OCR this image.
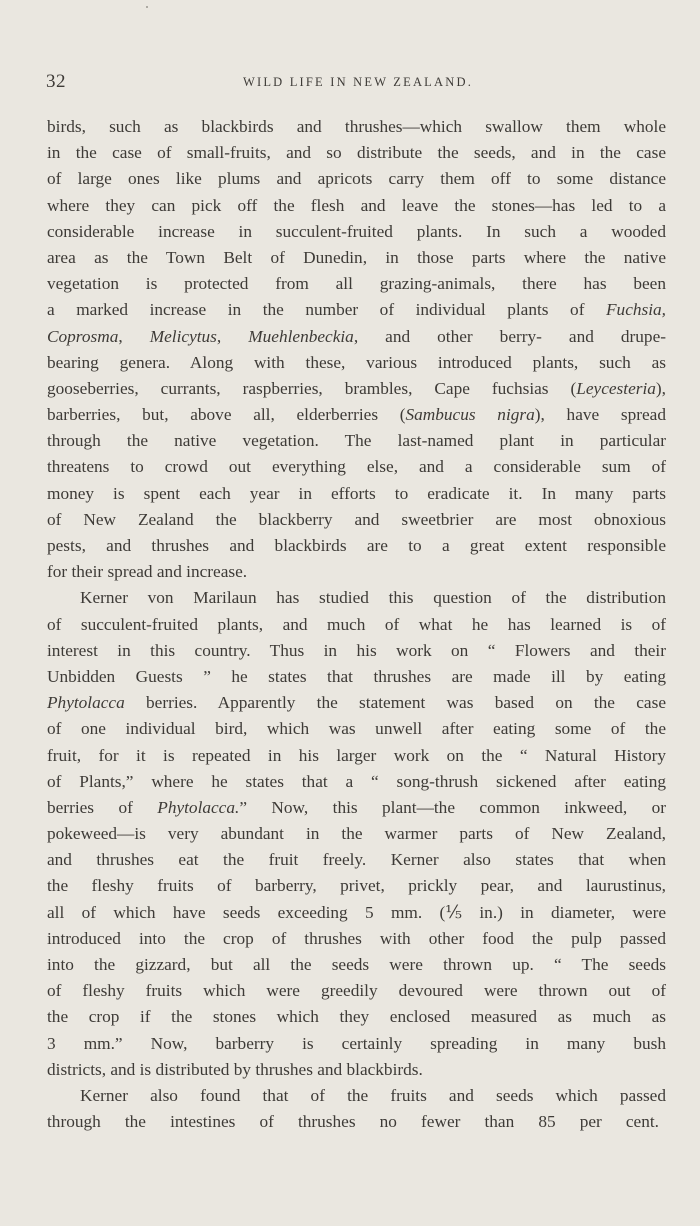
32	WILD LIFE IN NEW ZEALAND.
birds, such as blackbirds and thrushes—which swallow them whole
in the case of small-fruits, and so distribute the seeds, and in the case
of large ones like plums and apricots carry them off to some distance
where they can pick off the flesh and leave the stones—has led to a
considerable increase in succulent-fruited plants. In such a wooded
area as the Town Belt of Dunedin, in those parts where the native
vegetation is protected from all grazing-animals, there has been
a marked increase in the number of individual plants of Fuchsia,
Coprosma, Melicytus, Muehlenbeckia, and other berry- and drupe-
bearing genera. Along with these, various introduced plants, such as
gooseberries, currants, raspberries, brambles, Cape fuchsias (Leycesteria),
barberries, but, above all, elderberries (Sambucus nigra), have spread
through the native vegetation. The last-named plant in particular
threatens to crowd out everything else, and a considerable sum of
money is spent each year in efforts to eradicate it. In many parts
of New Zealand the blackberry and sweetbrier are most obnoxious
pests, and thrushes and blackbirds are to a great extent responsible
for their spread and increase.
Kerner von Marilaun has studied this question of the distribution
of succulent-fruited plants, and much of what he has learned is of
interest in this country. Thus in his work on “ Flowers and their
Unbidden Guests ” he states that thrushes are made ill by eating
Phytolacca berries. Apparently the statement was based on the case
of one individual bird, which was unwell after eating some of the
fruit, for it is repeated in his larger work on the “ Natural History
of Plants,” where he states that a “ song-thrush sickened after eating
berries of Phytolacca.” Now, this plant—the common inkweed, or
pokeweed—is very abundant in the warmer parts of New Zealand,
and thrushes eat the fruit freely. Kerner also states that when
the fleshy fruits of barberry, privet, prickly pear, and laurustinus,
all of which have seeds exceeding 5 mm. (⅕ in.) in diameter, were
introduced into the crop of thrushes with other food the pulp passed
into the gizzard, but all the seeds were thrown up. “ The seeds
of fleshy fruits which were greedily devoured were thrown out of
the crop if the stones which they enclosed measured as much as
3 mm.” Now, barberry is certainly spreading in many bush
districts, and is distributed by thrushes and blackbirds.
Kerner also found that of the fruits and seeds which passed
through the intestines of thrushes no fewer than 85 per cent.
